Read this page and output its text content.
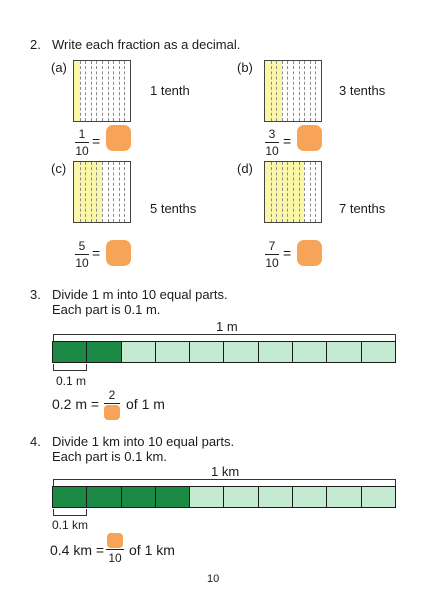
2. Write each fraction as a decimal.
(a)
1 tenth
1
10
=
(b)
3 tenths
3
10
=
(c)
5 tenths
5
10
=
(d)
7 tenths
7
10
=
3. Divide 1 m into 10 equal parts.
Each part is 0.1 m.
1 m
0.1 m
0.2 m =
2
of 1 m
4. Divide 1 km into 10 equal parts.
Each part is 0.1 km.
1 km
0.1 km
0.4 km = 10 of 1 km
10
